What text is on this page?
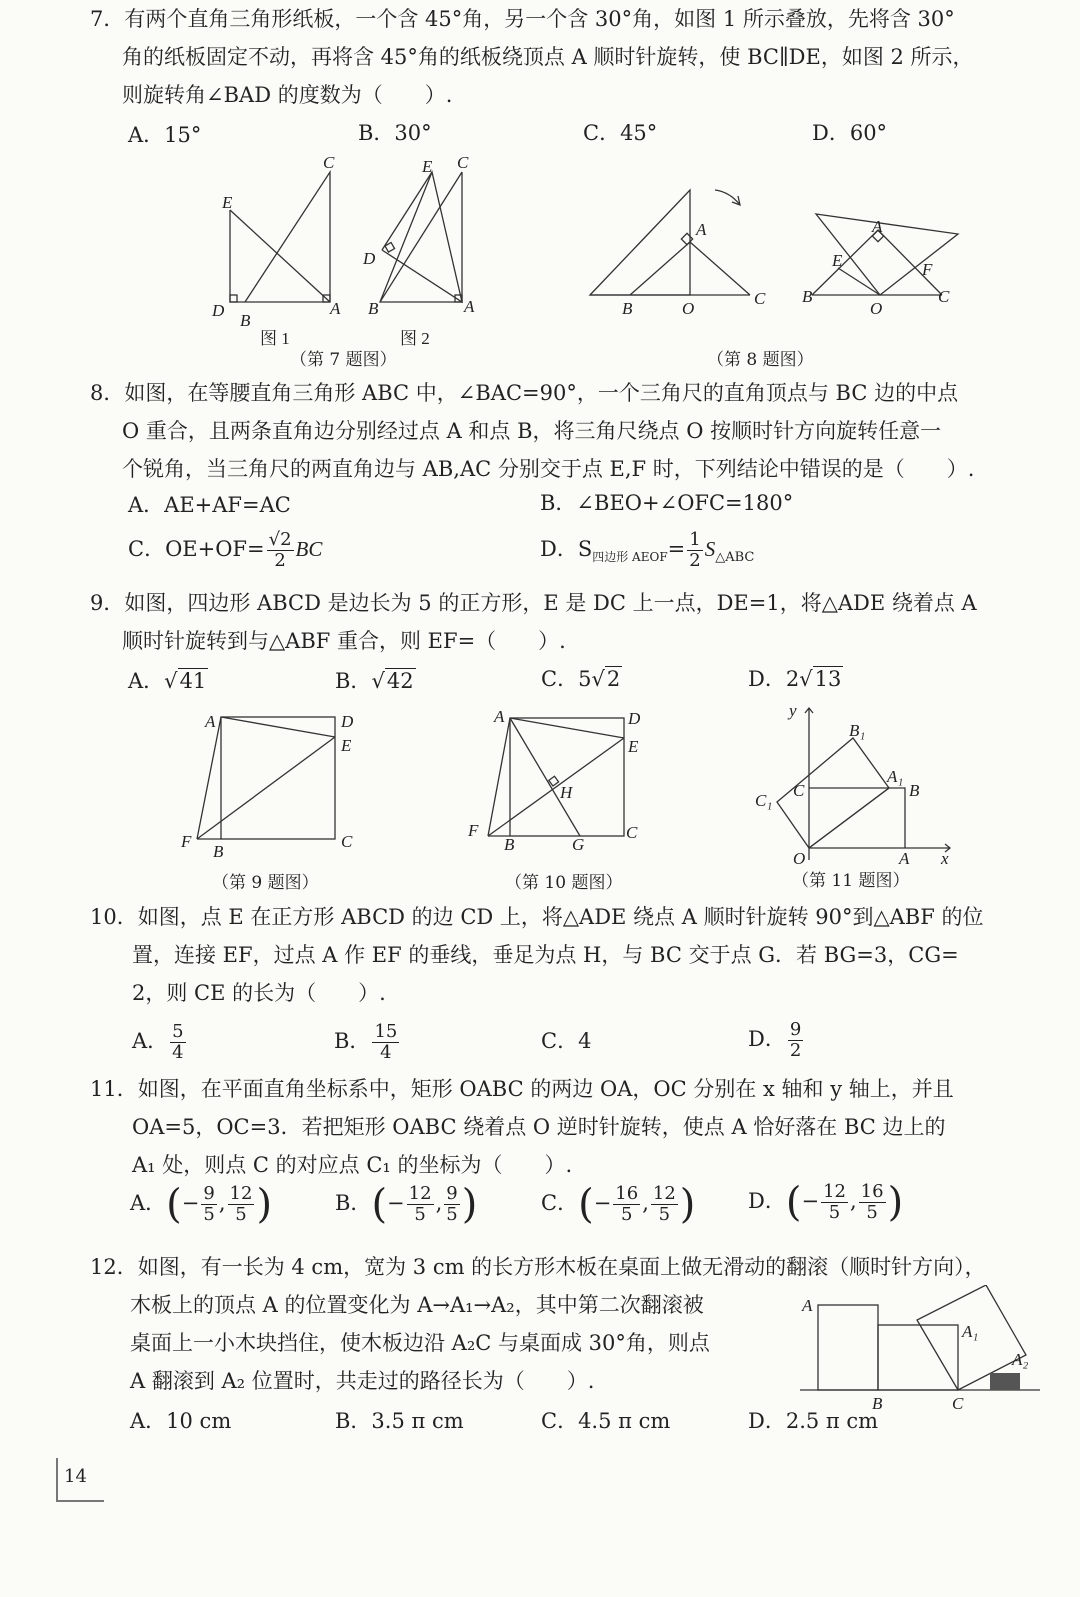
7．有两个直角三角形纸板，一个含 45°角，另一个含 30°角，如图 1 所示叠放，先将含 30°
角的纸板固定不动，再将含 45°角的纸板绕顶点 A 顺时针旋转，使 BC∥DE，如图 2 所示，
则旋转角∠BAD 的度数为（　　）.
A．15°	B．30°	C．45°	D．60°
C
E
D
B
A
E C
D
B	A
图 1	图 2
（第 7 题图）
A
B	O
C
A
E	F
B
O
C
（第 8 题图）
8．如图，在等腰直角三角形 ABC 中，∠BAC=90°，一个三角尺的直角顶点与 BC 边的中点
O 重合，且两条直角边分别经过点 A 和点 B，将三角尺绕点 O 按顺时针方向旋转任意一
个锐角，当三角尺的两直角边与 AB,AC 分别交于点 E,F 时，下列结论中错误的是（　　）.
A．AE+AF=AC	B．∠BEO+∠OFC=180°
C．$OE+OF= \frac{√2}{2}$ BC	D．$S_{四边形 AEOF}= \frac{1}{2} S_{\triangle ABC}$
9．如图，四边形 ABCD 是边长为 5 的正方形，E 是 DC 上一点，DE=1，将△ADE 绕着点 A
顺时针旋转到与△ABF 重合，则 EF=（　　）.
A．√41	B．√42	C．5√2	D．2√13
A	D
E
F
B
C
（第 9 题图）
A	D
E
H
F
B	G
C
（第 10 题图）
y
B₁
A₁
B
C₁
C
O	A x
（第 11 题图）
10．如图，点 E 在正方形 ABCD 的边 CD 上，将△ADE 绕点 A 顺时针旋转 90°到△ABF 的位
置，连接 EF，过点 A 作 EF 的垂线，垂足为点 H，与 BC 交于点 G．若 BG=3，CG=
2，则 CE 的长为（　　）.
A． $\frac{5}{4}$	B． $\frac{15}{4}$	C．4	D． $\frac{9}{2}$
11．如图，在平面直角坐标系中，矩形 OABC 的两边 OA，OC 分别在 x 轴和 y 轴上，并且
OA=5，OC=3．若把矩形 OABC 绕着点 O 逆时针旋转，使点 A 恰好落在 BC 边上的
A₁ 处，则点 C 的对应点 C₁ 的坐标为（　　）.
A．(− $\frac{9}{5}$ , $\frac{12}{5}$ )	B．(− $\frac{12}{5}$ , $\frac{9}{5}$ )	C．(− $\frac{16}{5}$ , $\frac{12}{5}$ )	D．(− $\frac{12}{5}$ , $\frac{16}{5}$ )
12．如图，有一长为 4 cm，宽为 3 cm 的长方形木板在桌面上做无滑动的翻滚（顺时针方向），
木板上的顶点 A 的位置变化为 A→A₁→A₂，其中第二次翻滚被
桌面上一小木块挡住，使木板边沿 A₂C 与桌面成 30°角，则点
A 翻滚到 A₂ 位置时，共走过的路径长为（　　）.
A．10 cm	B．3.5 π cm	C．4.5 π cm	D．2.5 π cm
A
A₁
A₂
B	C
14
